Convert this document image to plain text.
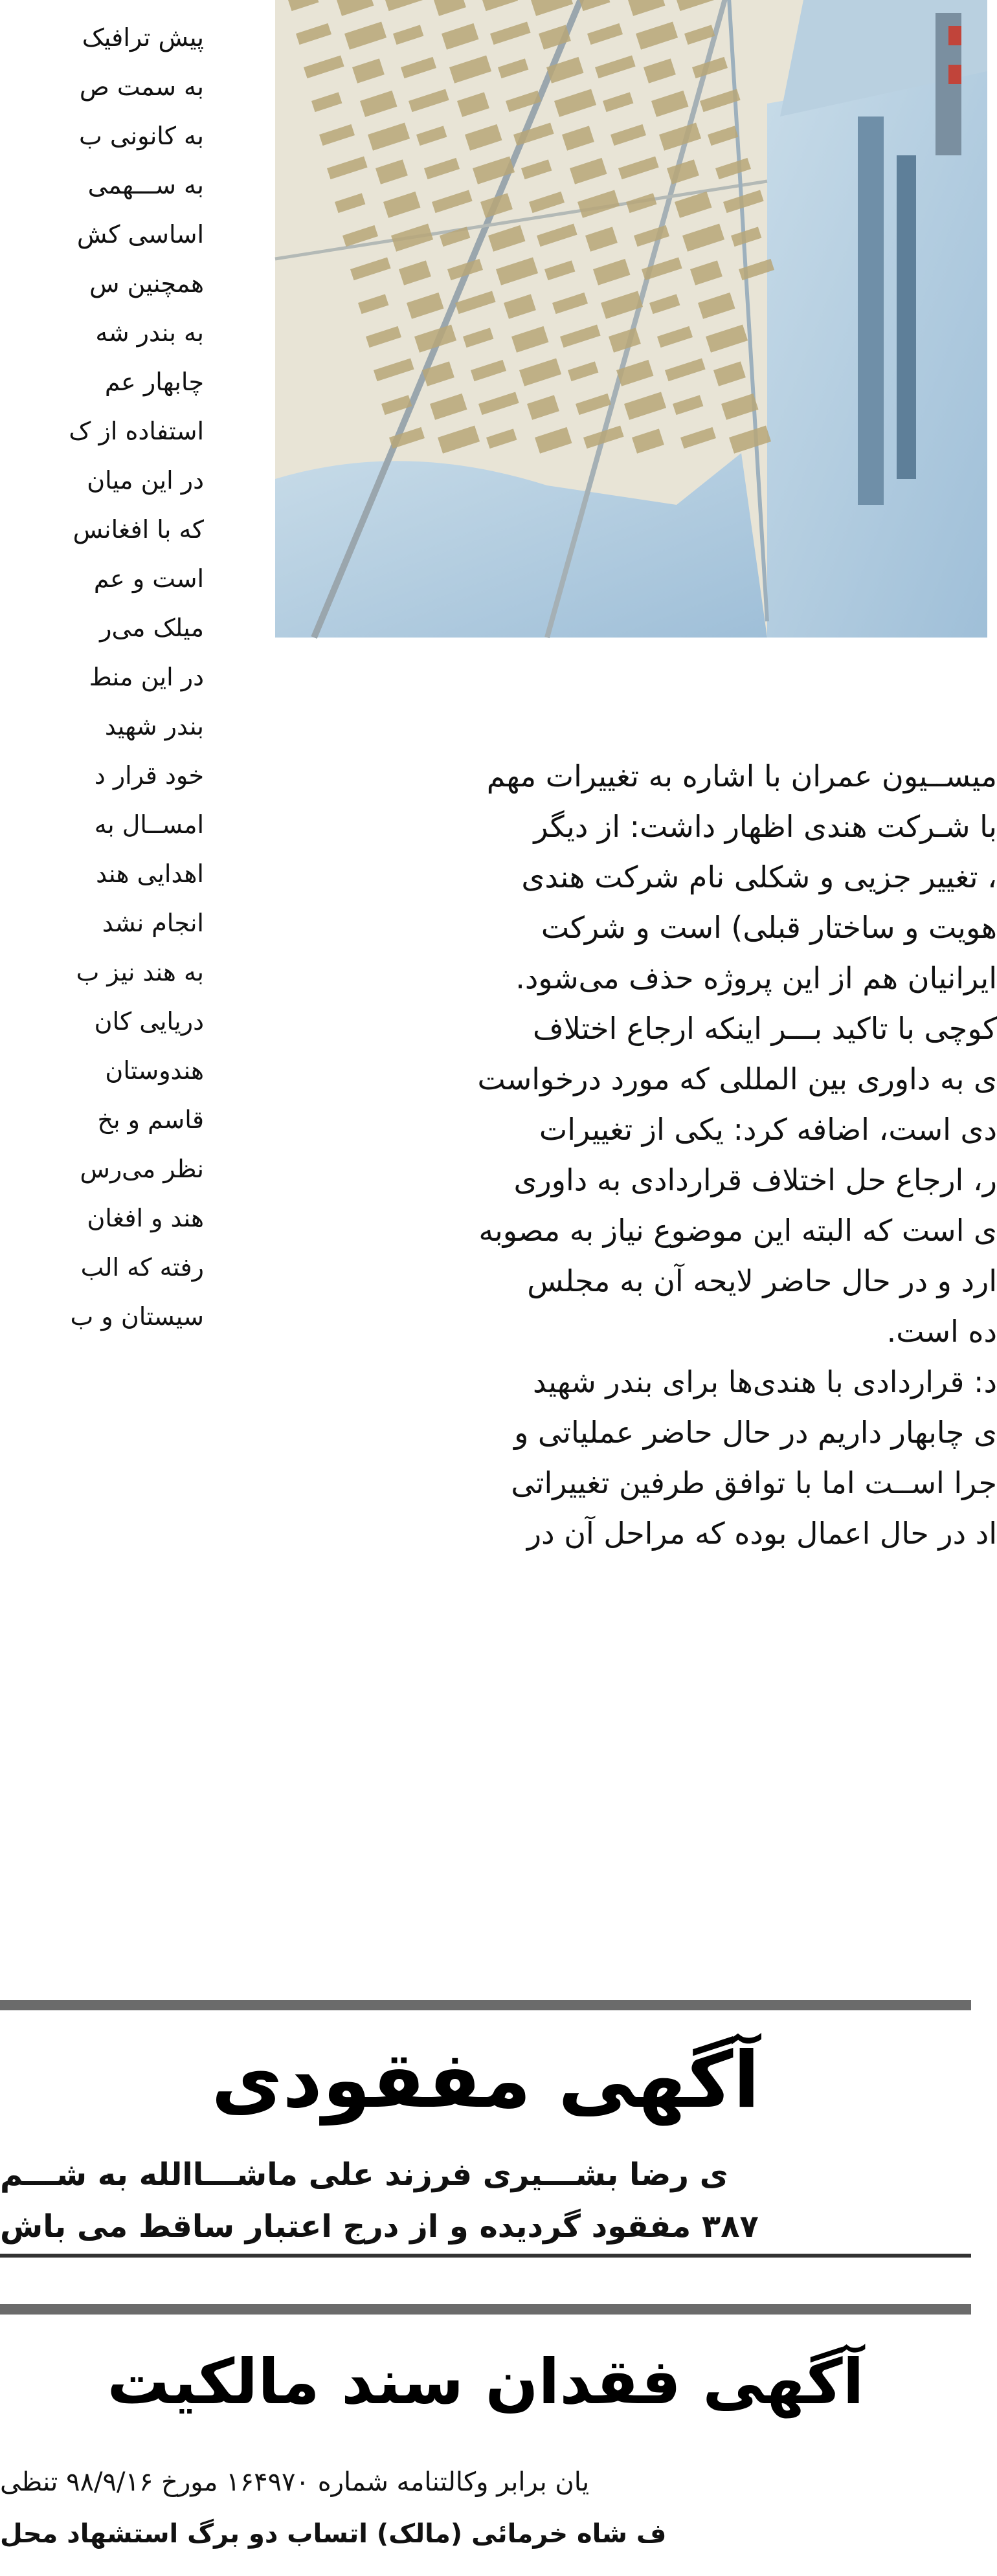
پیش ترافیک
به سمت ص
به کانونی ب
به ســـهمی
اساسی کش
همچنین س
به بندر شه
چابهار عم
استفاده از ک
در این میان
که با افغانس
است و عم
میلک می‌ر
در این منط
بندر شهید
خود قرار د
امســال به
اهدایی هند
انجام نشد
به هند نیز ب
دریایی کان
هندوستان
قاسم و بخ
نظر می‌رس
هند و افغان
رفته که الب
سیستان و ب
میســیون عمران با اشاره به تغییرات مهم
با شـرکت هندی اظهار داشت: از دیگر
، تغییر جزیی و شکلی نام شرکت هندی
هویت و ساختار قبلی) است و شرکت
ایرانیان هم از این پروژه حذف می‌شود.
کوچی با تاکید بـــر اینکه ارجاع اختلاف
ی به داوری بین المللی که مورد درخواست
دی است، اضافه کرد: یکی از تغییرات
ر، ارجاع حل اختلاف قراردادی به داوری
ی است که البته این موضوع نیاز به مصوبه
ارد و در حال حاضر لایحه آن به مجلس
ده است.
د: قراردادی با هندی‌ها برای بندر شهید
ی چابهار داریم در حال حاضر عملیاتی و
جرا اســت اما با توافق طرفین تغییراتی
اد در حال اعمال بوده که مراحل آن در
آگهی مفقودی
ی رضا بشـــیری فرزند علی ماشـــاالله به شـــم
۳۸۷ مفقود گردیده و از درج اعتبار ساقط می باش
آگهی فقدان سند مالکیت
یان برابر وکالتنامه شماره ۱۶۴۹۷۰ مورخ ۹۸/۹/۱۶ تنظی
ف شاه خرمائی (مالک) اتساب دو برگ استشهاد محل
